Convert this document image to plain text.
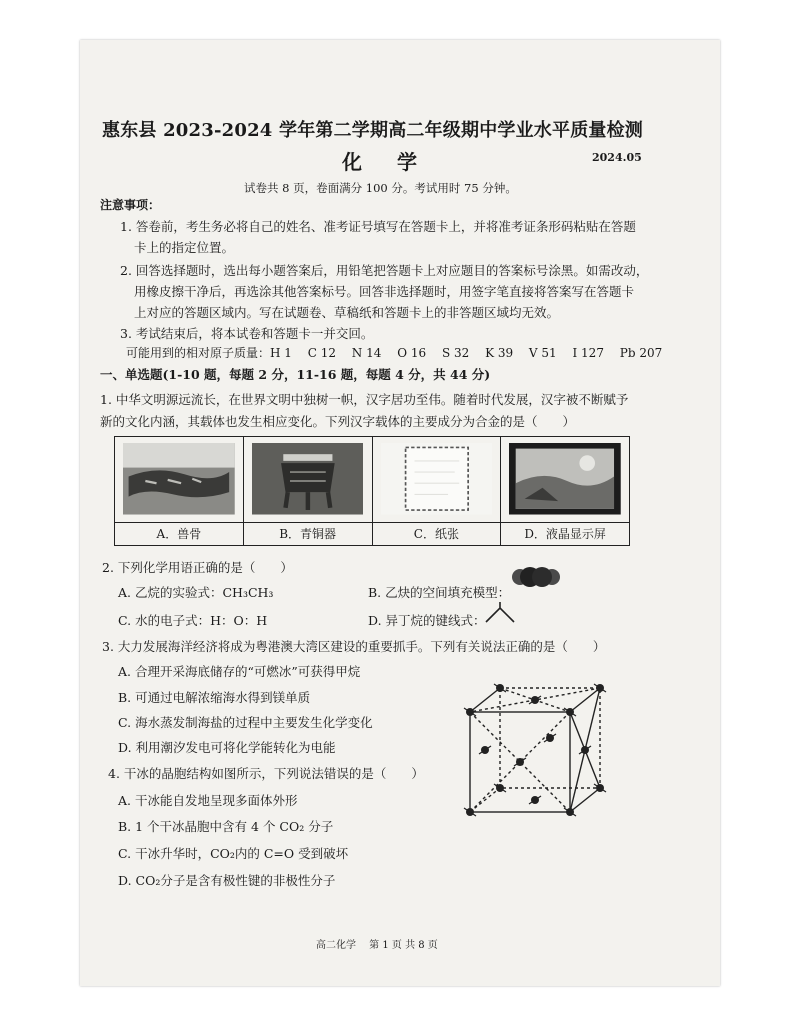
惠东县 2023-2024 学年第二学期高二年级期中学业水平质量检测
化 学	2024.05
试卷共 8 页，卷面满分 100 分。考试用时 75 分钟。
注意事项：
1. 答卷前，考生务必将自己的姓名、准考证号填写在答题卡上，并将准考证条形码粘贴在答题
卡上的指定位置。
2. 回答选择题时，选出每小题答案后，用铅笔把答题卡上对应题目的答案标号涂黑。如需改动，
用橡皮擦干净后，再选涂其他答案标号。回答非选择题时，用签字笔直接将答案写在答题卡
上对应的答题区域内。写在试题卷、草稿纸和答题卡上的非答题区域均无效。
3. 考试结束后，将本试卷和答题卡一并交回。
可能用到的相对原子质量：H 1　 C 12　 N 14　 O 16　 S 32　 K 39　 V 51　 I 127　 Pb 207
一、单选题(1-10 题，每题 2 分，11-16 题，每题 4 分，共 44 分)
1. 中华文明源远流长，在世界文明中独树一帜，汉字居功至伟。随着时代发展，汉字被不断赋予
新的文化内涵，其载体也发生相应变化。下列汉字载体的主要成分为合金的是（　　）
A．兽骨	B．青铜器	C．纸张	D．液晶显示屏
2. 下列化学用语正确的是（　　）
A. 乙烷的实验式：CH₃CH₃	B. 乙炔的空间填充模型：
C. 水的电子式：H：O：H	D. 异丁烷的键线式：
3. 大力发展海洋经济将成为粤港澳大湾区建设的重要抓手。下列有关说法正确的是（　　）
A. 合理开采海底储存的“可燃冰”可获得甲烷
B. 可通过电解浓缩海水得到镁单质
C. 海水蒸发制海盐的过程中主要发生化学变化
D. 利用潮汐发电可将化学能转化为电能
4. 干冰的晶胞结构如图所示，下列说法错误的是（　　）
A. 干冰能自发地呈现多面体外形
B. 1 个干冰晶胞中含有 4 个 CO₂ 分子
C. 干冰升华时，CO₂内的 C=O 受到破坏
D. CO₂分子是含有极性键的非极性分子
高二化学　 第 1 页 共 8 页
